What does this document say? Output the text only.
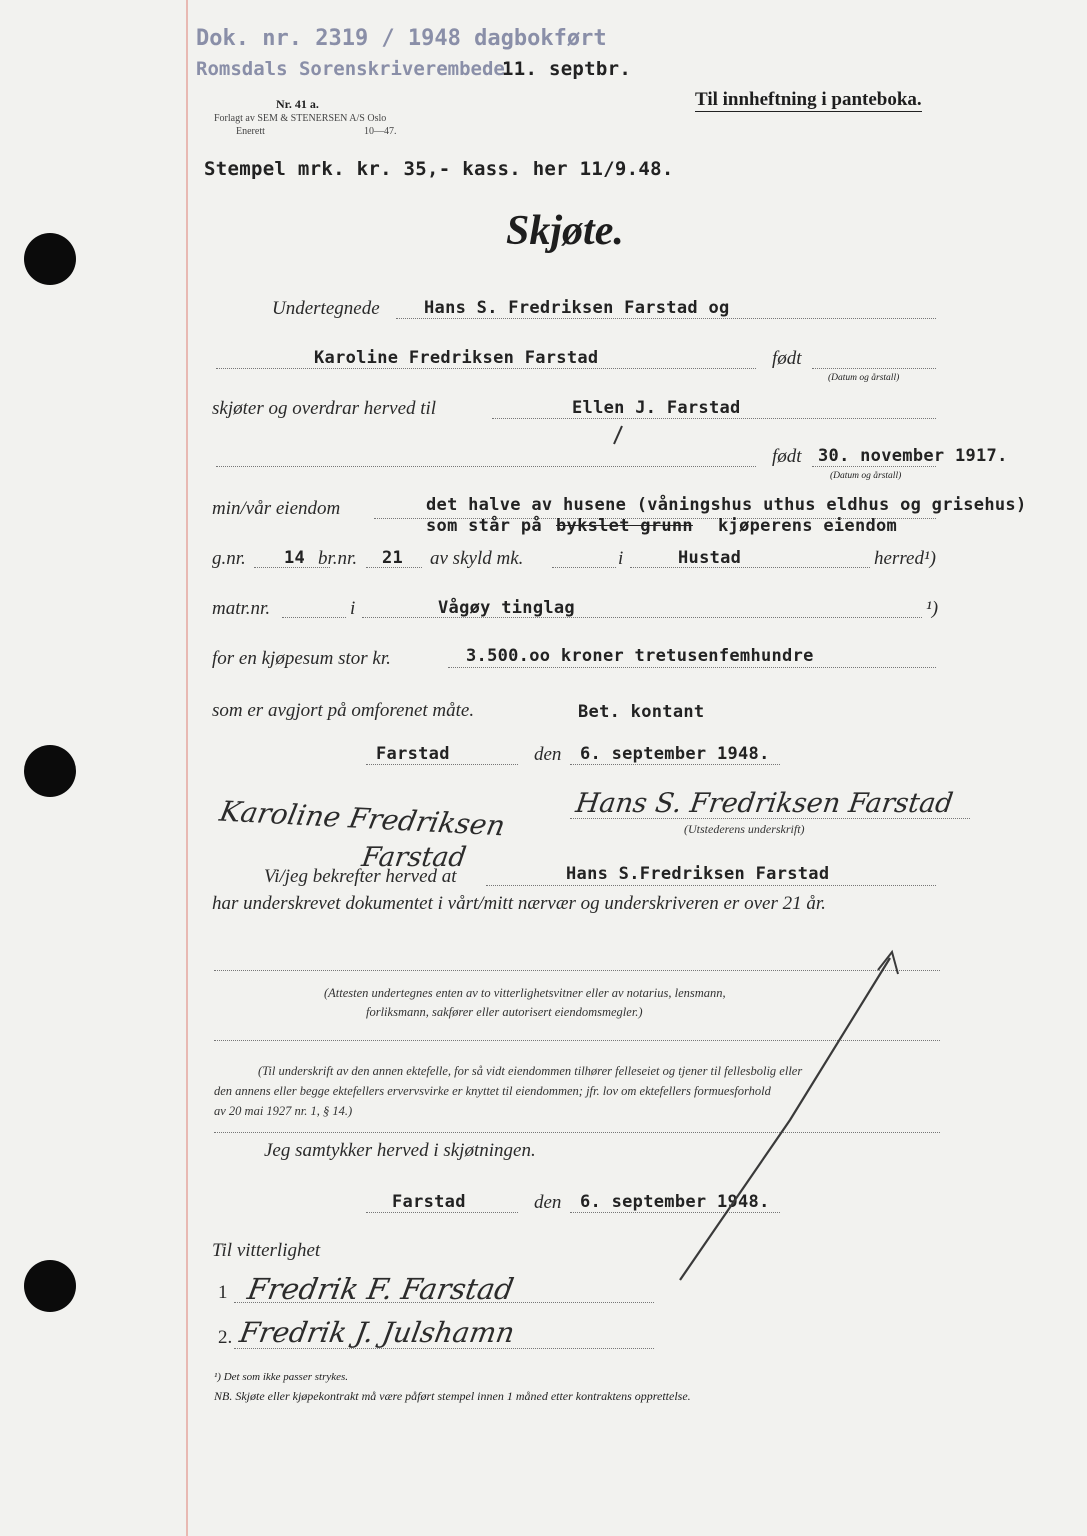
Dok. nr. 2319 / 1948 dagbokført
Romsdals Sorenskriverembede
11. septbr.
Nr. 41 a.
Forlagt av SEM & STENERSEN A/S Oslo
Enerett	10—47.
Til innheftning i panteboka.
Stempel mrk. kr. 35,- kass. her 11/9.48.
Skjøte.
Undertegnede	Hans S. Fredriksen Farstad og
Karoline Fredriksen Farstad	født
(Datum og årstall)
skjøter og overdrar herved til	Ellen J. Farstad
født 30. november 1917.
(Datum og årstall)
min/vår eiendom	det halve av husene (våningshus uthus eldhus og grisehus)
som står på bykslet grunn kjøperens eiendom
g.nr. 14 br.nr. 21 av skyld mk.	i	Hustad	herred¹)
matr.nr.	i	Vågøy tinglag	¹)
for en kjøpesum stor kr.	3.500.oo kroner tretusenfemhundre
som er avgjort på omforenet måte.	Bet. kontant
Farstad	den 6. september 1948.
Hans S. Fredriksen Farstad
(Utstederens underskrift)
Karoline Fredriksen
Farstad
Vi/jeg bekrefter herved at	Hans S.Fredriksen Farstad
har underskrevet dokumentet i vårt/mitt nærvær og underskriveren er over 21 år.
(Attesten undertegnes enten av to vitterlighetsvitner eller av notarius, lensmann,
forliksmann, sakfører eller autorisert eiendomsmegler.)
(Til underskrift av den annen ektefelle, for så vidt eiendommen tilhører felleseiet og tjener til fellesbolig eller
den annens eller begge ektefellers ervervsvirke er knyttet til eiendommen; jfr. lov om ektefellers formuesforhold
av 20 mai 1927 nr. 1, § 14.)
Jeg samtykker herved i skjøtningen.
Farstad	den 6. september 1948.
Til vitterlighet
1 Fredrik F. Farstad
2. Fredrik J. Julshamn
¹) Det som ikke passer strykes.
NB. Skjøte eller kjøpekontrakt må være påført stempel innen 1 måned etter kontraktens opprettelse.
